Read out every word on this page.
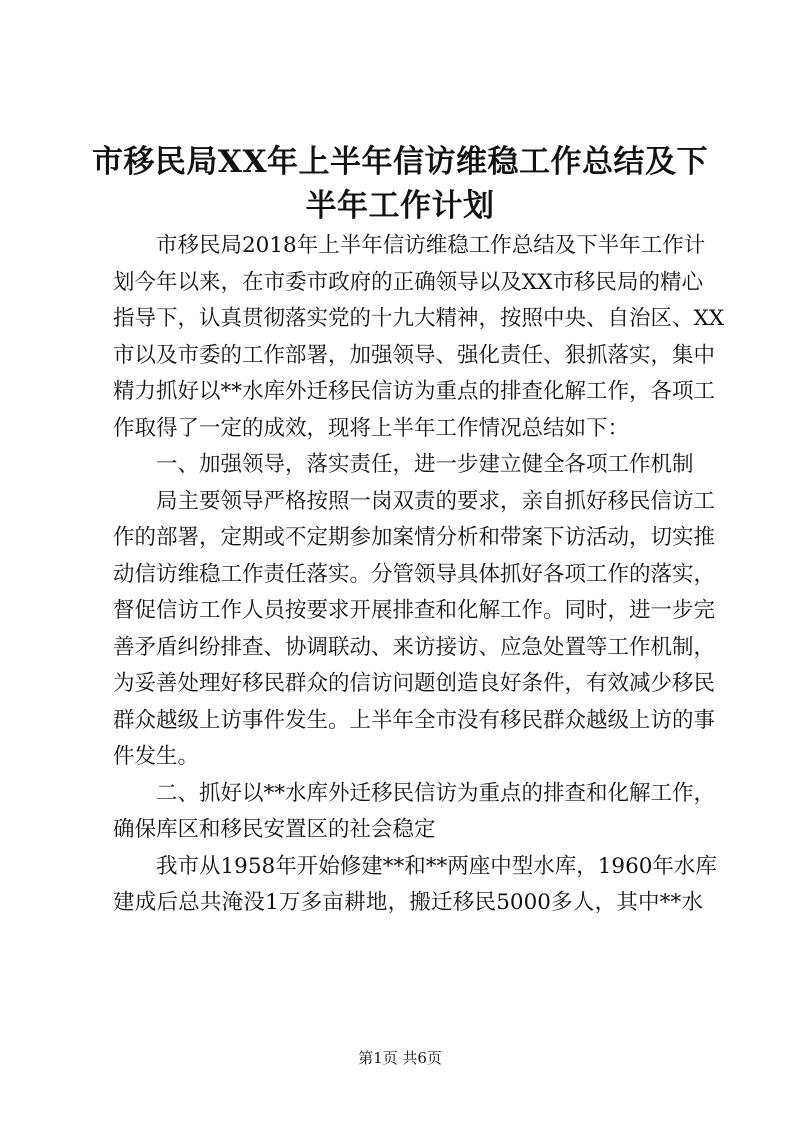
市移民局XX年上半年信访维稳工作总结及下
半年工作计划
市移民局2018年上半年信访维稳工作总结及下半年工作计
划今年以来，在市委市政府的正确领导以及XX市移民局的精心
指导下，认真贯彻落实党的十九大精神，按照中央、自治区、XX
市以及市委的工作部署，加强领导、强化责任、狠抓落实，集中
精力抓好以**水库外迁移民信访为重点的排查化解工作，各项工
作取得了一定的成效，现将上半年工作情况总结如下：
一、加强领导，落实责任，进一步建立健全各项工作机制
局主要领导严格按照一岗双责的要求，亲自抓好移民信访工
作的部署，定期或不定期参加案情分析和带案下访活动，切实推
动信访维稳工作责任落实。分管领导具体抓好各项工作的落实，
督促信访工作人员按要求开展排查和化解工作。同时，进一步完
善矛盾纠纷排查、协调联动、来访接访、应急处置等工作机制，
为妥善处理好移民群众的信访问题创造良好条件，有效减少移民
群众越级上访事件发生。上半年全市没有移民群众越级上访的事
件发生。
二、抓好以**水库外迁移民信访为重点的排查和化解工作，
确保库区和移民安置区的社会稳定
我市从1958年开始修建**和**两座中型水库，1960年水库
建成后总共淹没1万多亩耕地，搬迁移民5000多人，其中**水
第1页 共6页
